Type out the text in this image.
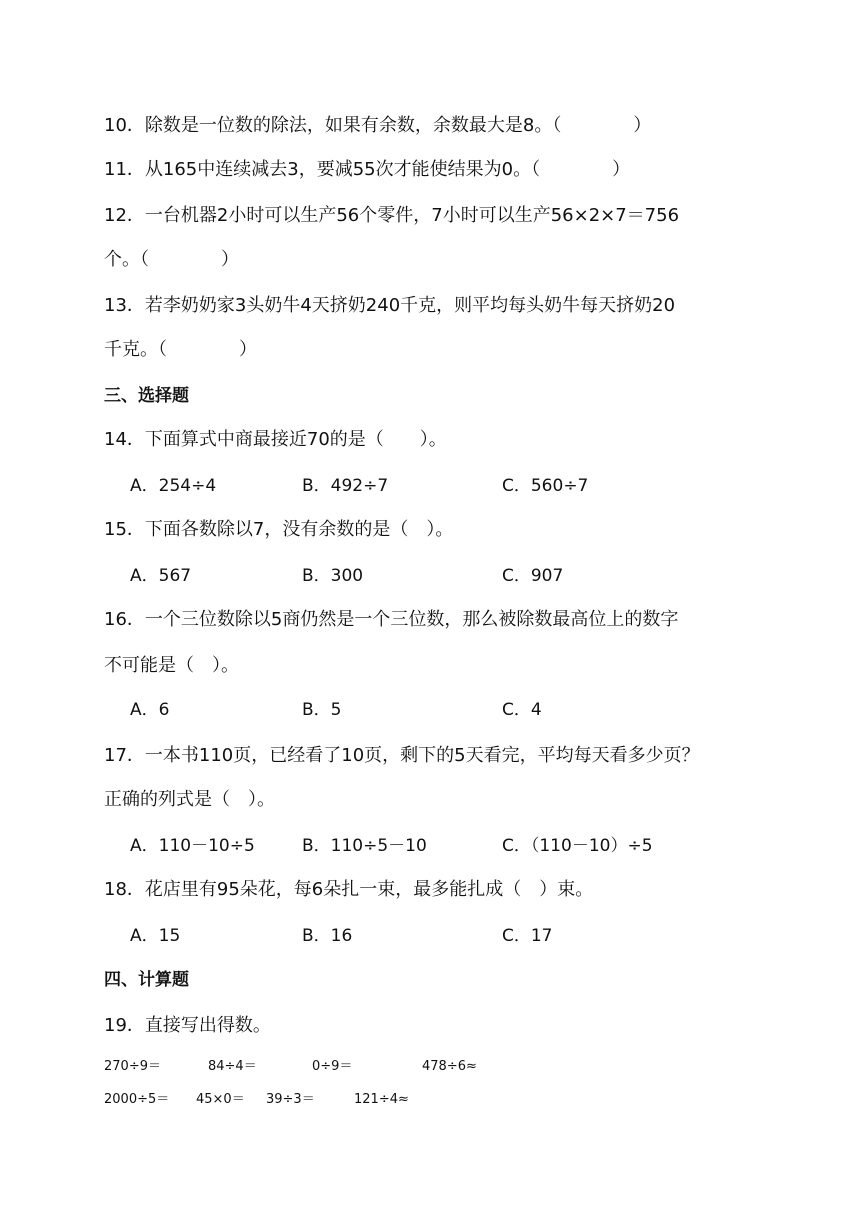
10．除数是一位数的除法，如果有余数，余数最大是8。（　　　　）
11．从165中连续减去3，要减55次才能使结果为0。（　　　　）
12．一台机器2小时可以生产56个零件，7小时可以生产56×2×7＝756
个。（　　　　）
13．若李奶奶家3头奶牛4天挤奶240千克，则平均每头奶牛每天挤奶20
千克。（　　　　）
三、选择题
14．下面算式中商最接近70的是（　　）。
A．254÷4	B．492÷7	C．560÷7
15．下面各数除以7，没有余数的是（　）。
A．567	B．300	C．907
16．一个三位数除以5商仍然是一个三位数，那么被除数最高位上的数字
不可能是（　）。
A．6	B．5	C．4
17．一本书110页，已经看了10页，剩下的5天看完，平均每天看多少页？
正确的列式是（　）。
A．110－10÷5	B．110÷5－10	C．（110－10）÷5
18．花店里有95朵花，每6朵扎一束，最多能扎成（　）束。
A．15	B．16	C．17
四、计算题
19．直接写出得数。
270÷9＝	84÷4＝	0÷9＝	478÷6≈
2000÷5＝ 45×0＝ 39÷3＝	121÷4≈
